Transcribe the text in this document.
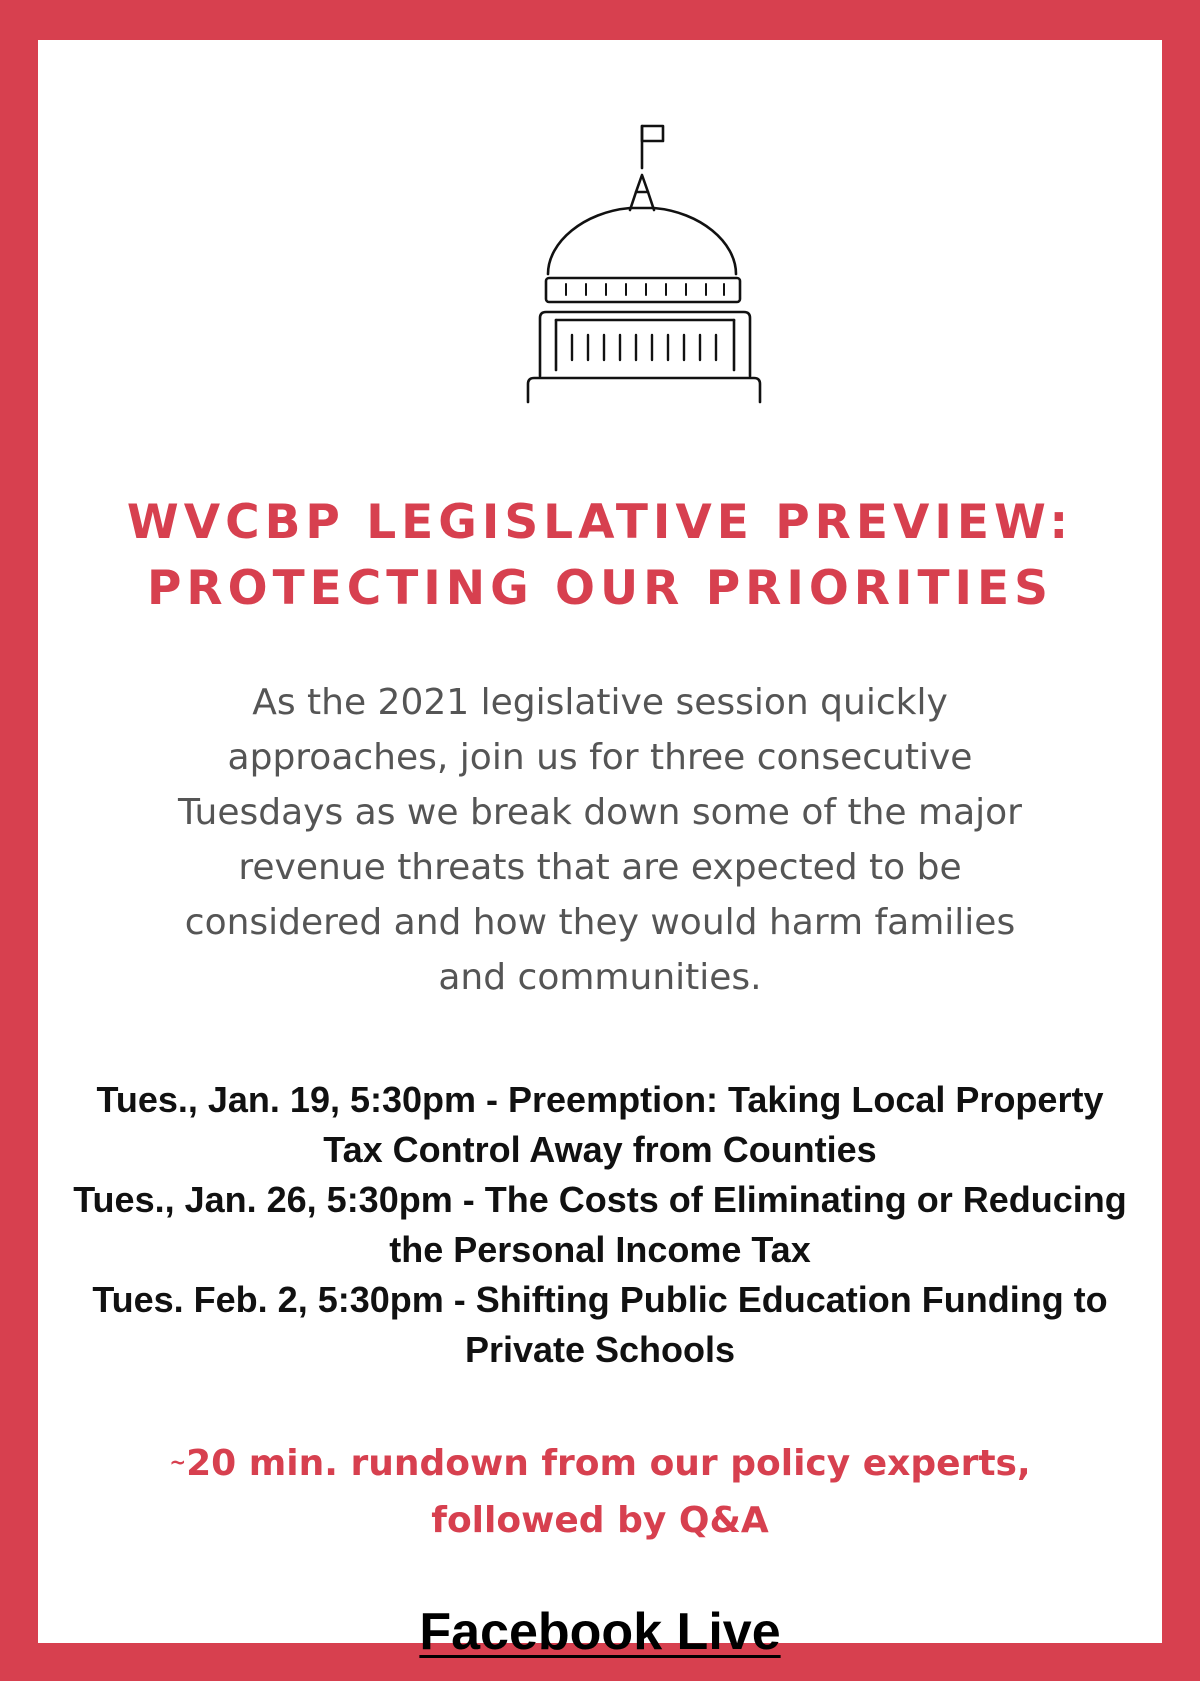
WVCBP LEGISLATIVE PREVIEW:
PROTECTING OUR PRIORITIES
As the 2021 legislative session quickly
approaches, join us for three consecutive
Tuesdays as we break down some of the major
revenue threats that are expected to be
considered and how they would harm families
and communities.
Tues., Jan. 19, 5:30pm - Preemption: Taking Local Property
Tax Control Away from Counties
Tues., Jan. 26, 5:30pm - The Costs of Eliminating or Reducing
the Personal Income Tax
Tues. Feb. 2, 5:30pm - Shifting Public Education Funding to
Private Schools
~20 min. rundown from our policy experts,
followed by Q&A
Facebook Live
